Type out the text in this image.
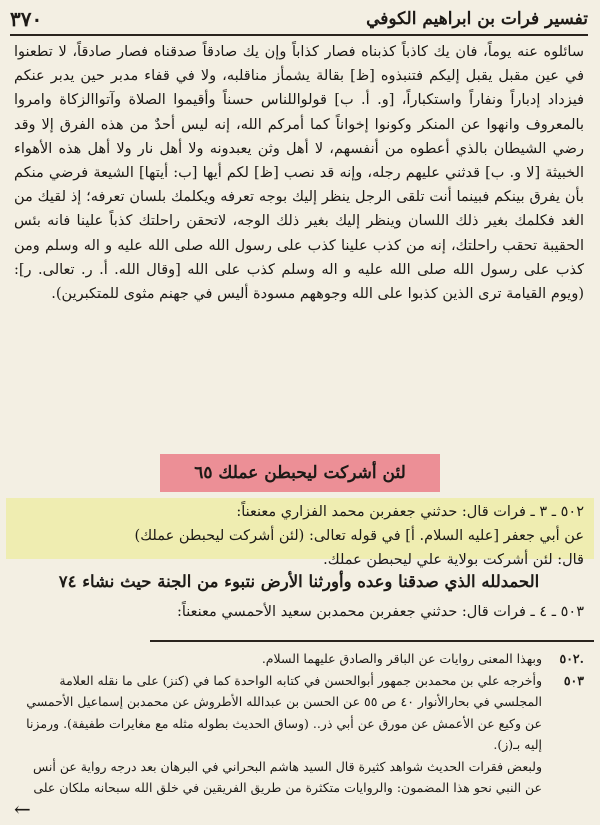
تفسير فرات بن ابراهيم الكوفي
٣٧٠

سائلوه عنه يوماً، فان يك كاذباً كذبناه فصار كذاباً وإن يك صادقاً صدقناه فصار صادقاً، لا تطعنوا في عين مقبل يقبل إليكم فتنبذوه [ظ] بقالة يشمأز مناقلبه، ولا في قفاء مدبر حين يدبر عنكم فيزداد إدباراً ونفاراً واستكباراً، [و. أ. ب] قولواللناس حسناً وأقيموا الصلاة وآتواالزكاة وامروا بالمعروف وانهوا عن المنكر وكونوا إخواناً كما أمركم الله، إنه ليس أحدٌ من هذه الفرق إلا وقد رضي الشيطان بالذي أعطوه من أنفسهم، لا أهل وثن يعبدونه ولا أهل نار ولا أهل هذه الأهواء الخبيثة [لا و. ب] قدثني عليهم رجله، وإنه قد نصب [ظ] لكم أيها [ب: أيتها] الشيعة فرضي منكم بأن يفرق بينكم فبينما أنت تلقى الرجل ينظر إليك بوجه تعرفه ويكلمك بلسان تعرفه؛ إذ لقيك من الغد فكلمك بغير ذلك اللسان وينظر إليك بغير ذلك الوجه، لاتحقن راحلتك كذباً علينا فانه بئس الحقيبة تحقب راحلتك، إنه من كذب علينا كذب على رسول الله صلى الله عليه و اله وسلم ومن كذب على رسول الله صلى الله عليه و اله وسلم كذب على الله [وقال الله. أ. ر. تعالى. ر]: (ويوم القيامة ترى الذين كذبوا على الله وجوههم مسودة أليس في جهنم مثوى للمتكبرين).

لئن أشركت ليحبطن عملك ٦٥
٥٠٢ ـ ٣ ـ فرات قال: حدثني جعفربن محمد الفزاري معنعناً:
عن أبي جعفر [عليه السلام. أ] في قوله تعالى: (لئن أشركت ليحبطن عملك)
قال: لئن أشركت بولاية علي ليحبطن عملك.
الحمدلله الذي صدقنا وعده وأورثنا الأرض نتبوء من الجنة حيث نشاء ٧٤
٥٠٣ ـ ٤ ـ فرات قال: حدثني جعفربن محمدبن سعيد الأحمسي معنعناً:
٥٠٢.
وبهذا المعنى روايات عن الباقر والصادق عليهما السلام.
٥٠٣
وأخرجه علي بن محمدبن جمهور أبوالحسن في كتابه الواحدة كما في (كنز) على ما نقله العلامة المجلسي في بحارالأنوار ٤٠ ص ٥٥ عن الحسن بن عبدالله الأطروش عن محمدبن إسماعيل الأحمسي عن وكيع عن الأعمش عن مورق عن أبي ذر.. (وساق الحديث بطوله مثله مع مغايرات طفيفة). ورمزنا إليه بـ(ز).
ولبعض فقرات الحديث شواهد كثيرة قال السيد هاشم البحراني في البرهان بعد درجه رواية عن أنس عن النبي نحو هذا المضمون: والروايات متكثرة من طريق الفريقين في خلق الله سبحانه ملكان على
←
